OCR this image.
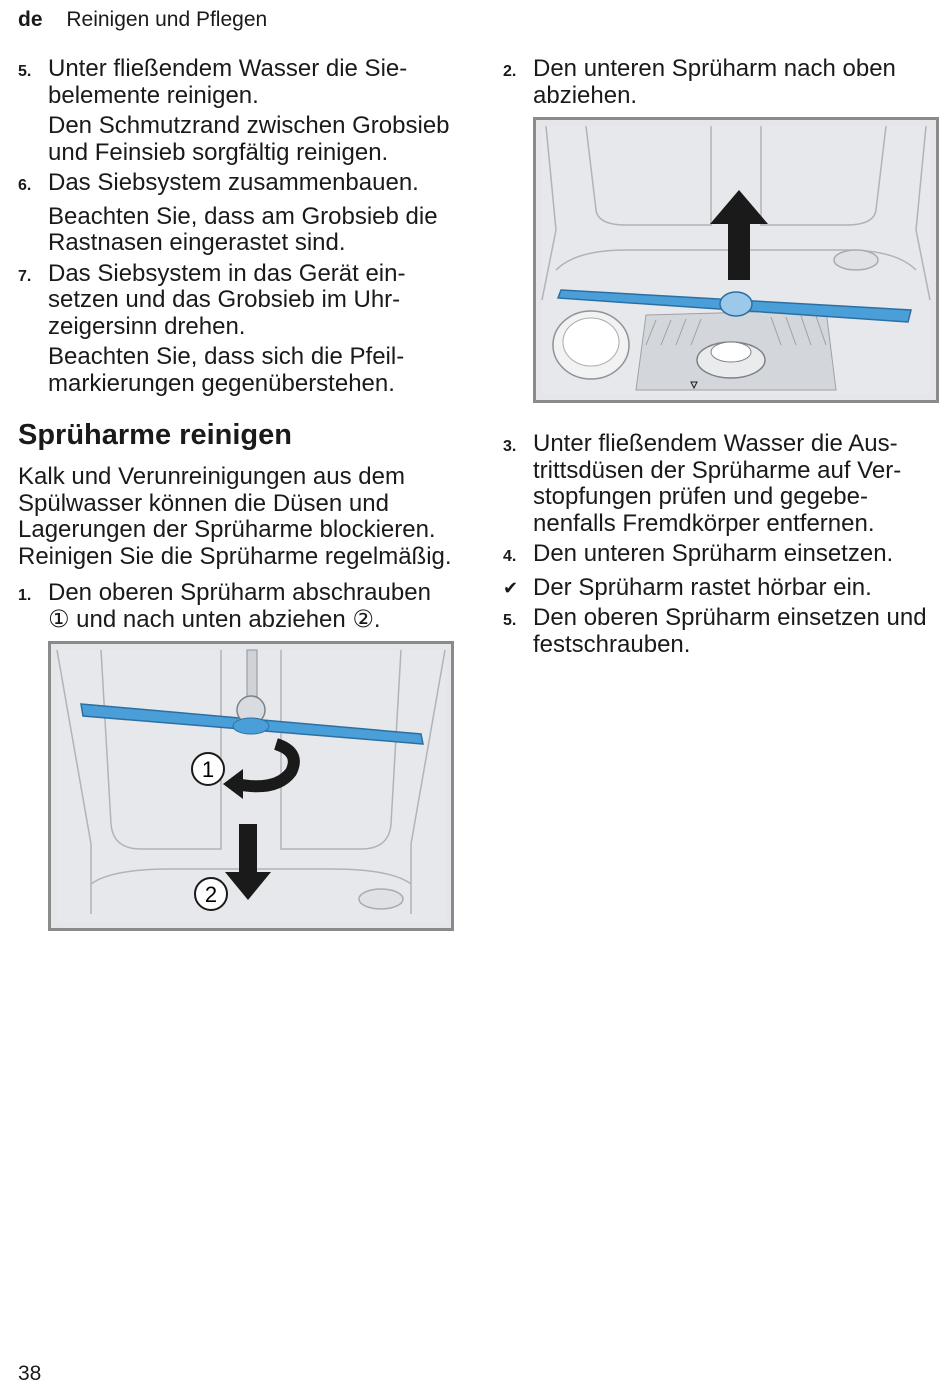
de Reinigen und Pflegen
5. Unter fließendem Wasser die Siebelemente reinigen.
Den Schmutzrand zwischen Grobsieb und Feinsieb sorgfältig reinigen.
6. Das Siebsystem zusammenbauen.
Beachten Sie, dass am Grobsieb die Rastnasen eingerastet sind.
7. Das Siebsystem in das Gerät einsetzen und das Grobsieb im Uhrzeigersinn drehen.
Beachten Sie, dass sich die Pfeilmarkierungen gegenüberstehen.
Sprüharme reinigen
Kalk und Verunreinigungen aus dem Spülwasser können die Düsen und Lagerungen der Sprüharme blockieren. Reinigen Sie die Sprüharme regelmäßig.
1. Den oberen Sprüharm abschrauben ① und nach unten abziehen ②.
1
2
2. Den unteren Sprüharm nach oben abziehen.
3. Unter fließendem Wasser die Austrittsdüsen der Sprüharme auf Verstopfungen prüfen und gegebenenfalls Fremdkörper entfernen.
4. Den unteren Sprüharm einsetzen.
✔ Der Sprüharm rastet hörbar ein.
5. Den oberen Sprüharm einsetzen und festschrauben.
38
